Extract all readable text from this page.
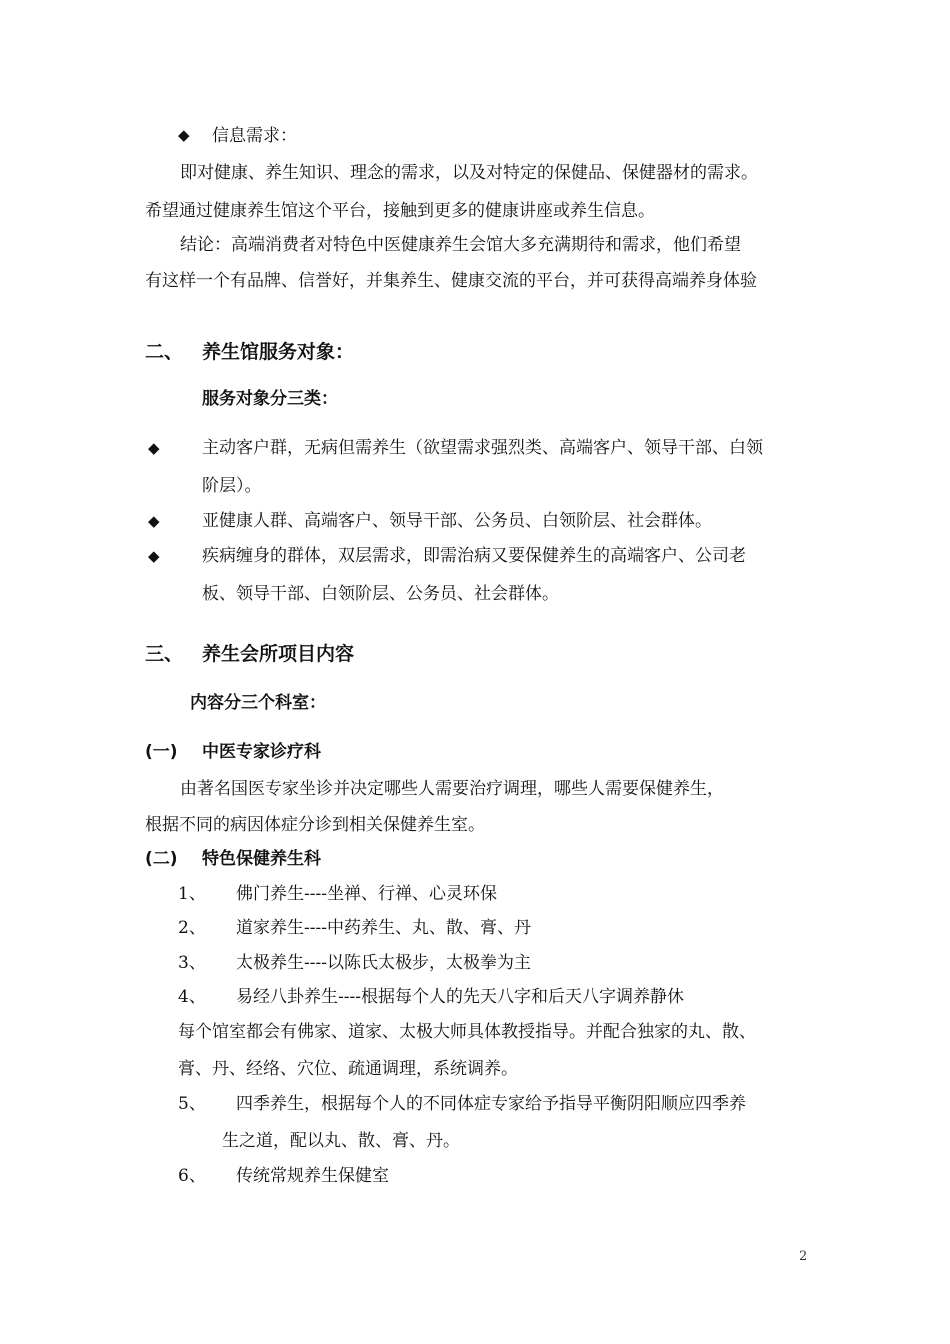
◆ 信息需求：
即对健康、养生知识、理念的需求，以及对特定的保健品、保健器材的需求。
希望通过健康养生馆这个平台，接触到更多的健康讲座或养生信息。
结论：高端消费者对特色中医健康养生会馆大多充满期待和需求，他们希望
有这样一个有品牌、信誉好，并集养生、健康交流的平台，并可获得高端养身体验
二、 养生馆服务对象：
服务对象分三类：
◆ 主动客户群，无病但需养生（欲望需求强烈类、高端客户、领导干部、白领
阶层）。
◆ 亚健康人群、高端客户、领导干部、公务员、白领阶层、社会群体。
◆ 疾病缠身的群体，双层需求，即需治病又要保健养生的高端客户、公司老
板、领导干部、白领阶层、公务员、社会群体。
三、 养生会所项目内容
内容分三个科室：
(一) 中医专家诊疗科
由著名国医专家坐诊并决定哪些人需要治疗调理，哪些人需要保健养生，
根据不同的病因体症分诊到相关保健养生室。
(二) 特色保健养生科
1、 佛门养生----坐禅、行禅、心灵环保
2、 道家养生----中药养生、丸、散、膏、丹
3、 太极养生----以陈氏太极步，太极拳为主
4、 易经八卦养生----根据每个人的先天八字和后天八字调养静休
每个馆室都会有佛家、道家、太极大师具体教授指导。并配合独家的丸、散、
膏、丹、经络、穴位、疏通调理，系统调养。
5、 四季养生，根据每个人的不同体症专家给予指导平衡阴阳顺应四季养
生之道，配以丸、散、膏、丹。
6、 传统常规养生保健室
2
